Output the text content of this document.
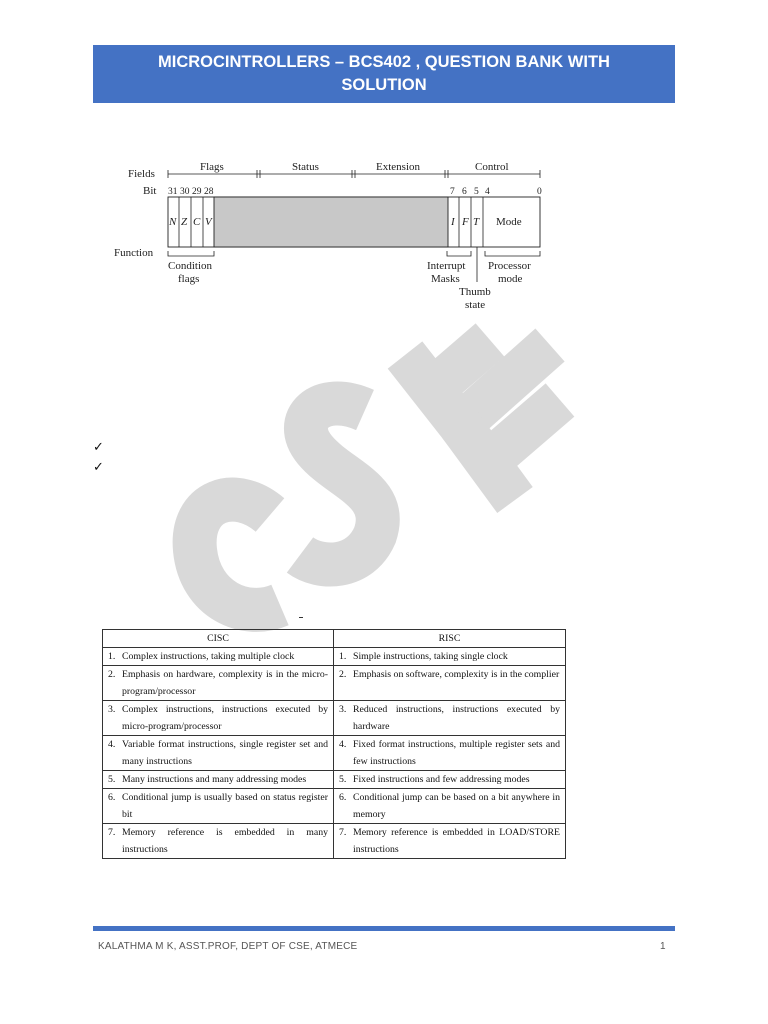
MICROCINTROLLERS – BCS402 , QUESTION BANK WITH SOLUTION
Fields
Bit
Function
Flags	Status	Extension	Control
31 30 29 28	7 6 5 4	0
N Z C V	I F T Mode
Condition
flags
Interrupt
Masks
Thumb
state
Processor
mode
✓
✓
CISC	RISC

1. Complex instructions, taking multiple clock	1. Simple instructions, taking single clock

2. Emphasis on hardware, complexity is in the micro-program/processor	2. Emphasis on software, complexity is in the complier

3. Complex instructions, instructions executed by micro-program/processor	3. Reduced instructions, instructions executed by hardware

4. Variable format instructions, single register set and many instructions	4. Fixed format instructions, multiple register sets and few instructions

5. Many instructions and many addressing modes	5. Fixed instructions and few addressing modes

6. Conditional jump is usually based on status register bit	6. Conditional jump can be based on a bit anywhere in memory

7. Memory reference is embedded in many instructions	7. Memory reference is embedded in LOAD/STORE instructions
KALATHMA M K, ASST.PROF, DEPT OF CSE, ATMECE	1
